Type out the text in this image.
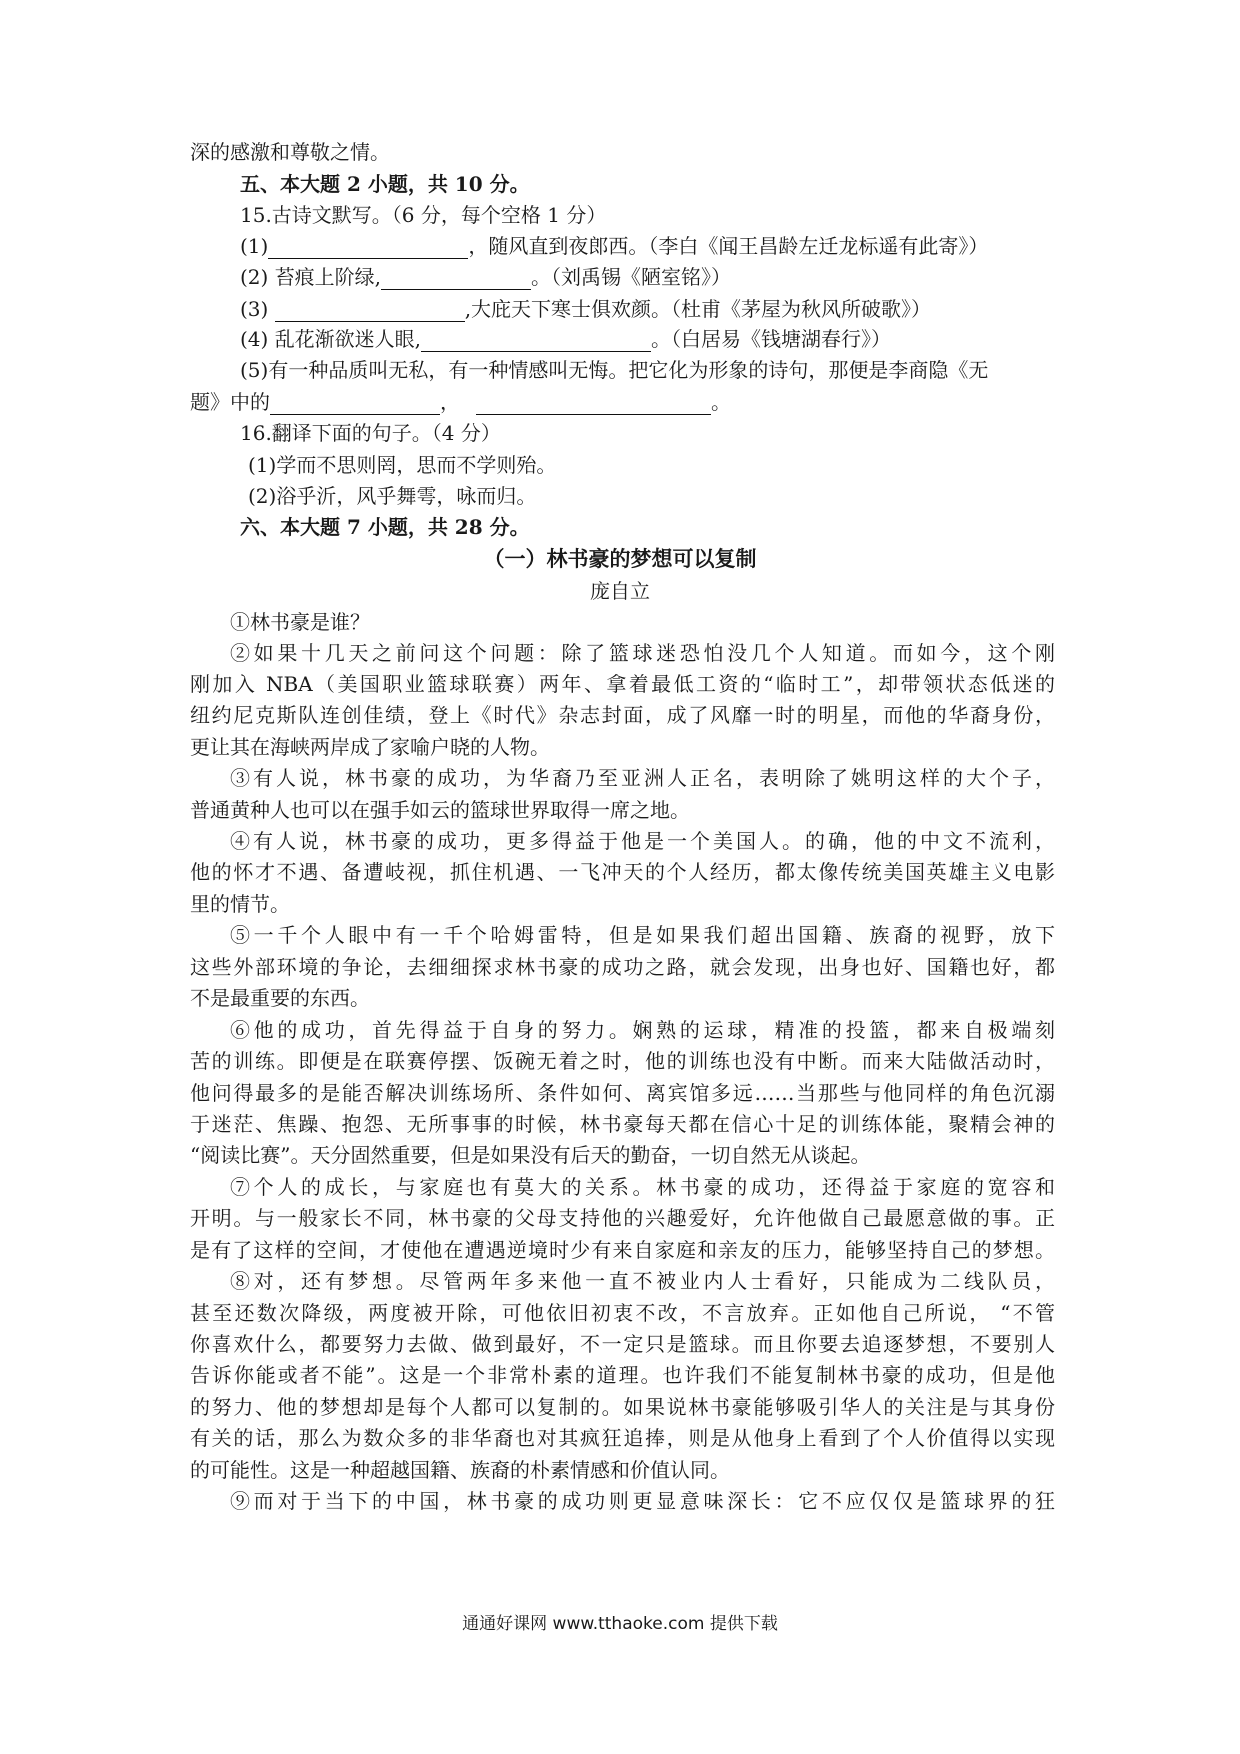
深的感激和尊敬之情。
五、本大题 2 小题，共 10 分。
15.古诗文默写。（6 分，每个空格 1 分）
(1)	，随风直到夜郎西。（李白《闻王昌龄左迁龙标遥有此寄》）
(2) 苔痕上阶绿,	。（刘禹锡《陋室铭》）
(3)	,大庇天下寒士俱欢颜。（杜甫《茅屋为秋风所破歌》）
(4) 乱花渐欲迷人眼,	。（白居易《钱塘湖春行》）
(5)有一种品质叫无私，有一种情感叫无悔。把它化为形象的诗句，那便是李商隐《无
题》中的	，	。
16.翻译下面的句子。（4 分）
(1)学而不思则罔，思而不学则殆。
(2)浴乎沂，风乎舞雩，咏而归。
六、本大题 7 小题，共 28 分。
（一）林书豪的梦想可以复制
庞自立
①林书豪是谁？
②如果十几天之前问这个问题：除了篮球迷恐怕没几个人知道。而如今，这个刚
刚加入 NBA（美国职业篮球联赛）两年、拿着最低工资的“临时工”，却带领状态低迷的
纽约尼克斯队连创佳绩，登上《时代》杂志封面，成了风靡一时的明星，而他的华裔身份，
更让其在海峡两岸成了家喻户晓的人物。
③有人说，林书豪的成功，为华裔乃至亚洲人正名，表明除了姚明这样的大个子，
普通黄种人也可以在强手如云的篮球世界取得一席之地。
④有人说，林书豪的成功，更多得益于他是一个美国人。的确，他的中文不流利，
他的怀才不遇、备遭岐视，抓住机遇、一飞冲天的个人经历，都太像传统美国英雄主义电影
里的情节。
⑤一千个人眼中有一千个哈姆雷特，但是如果我们超出国籍、族裔的视野，放下
这些外部环境的争论，去细细探求林书豪的成功之路，就会发现，出身也好、国籍也好，都
不是最重要的东西。
⑥他的成功，首先得益于自身的努力。娴熟的运球，精准的投篮，都来自极端刻
苦的训练。即便是在联赛停摆、饭碗无着之时，他的训练也没有中断。而来大陆做活动时，
他问得最多的是能否解决训练场所、条件如何、离宾馆多远……当那些与他同样的角色沉溺
于迷茫、焦躁、抱怨、无所事事的时候，林书豪每天都在信心十足的训练体能，聚精会神的
“阅读比赛”。天分固然重要，但是如果没有后天的勤奋，一切自然无从谈起。
⑦个人的成长，与家庭也有莫大的关系。林书豪的成功，还得益于家庭的宽容和
开明。与一般家长不同，林书豪的父母支持他的兴趣爱好，允许他做自己最愿意做的事。正
是有了这样的空间，才使他在遭遇逆境时少有来自家庭和亲友的压力，能够坚持自己的梦想。
⑧对，还有梦想。尽管两年多来他一直不被业内人士看好，只能成为二线队员，
甚至还数次降级，两度被开除，可他依旧初衷不改，不言放弃。正如他自己所说， “不管
你喜欢什么，都要努力去做、做到最好，不一定只是篮球。而且你要去追逐梦想，不要别人
告诉你能或者不能”。这是一个非常朴素的道理。也许我们不能复制林书豪的成功，但是他
的努力、他的梦想却是每个人都可以复制的。如果说林书豪能够吸引华人的关注是与其身份
有关的话，那么为数众多的非华裔也对其疯狂追捧，则是从他身上看到了个人价值得以实现
的可能性。这是一种超越国籍、族裔的朴素情感和价值认同。
⑨而对于当下的中国，林书豪的成功则更显意味深长：它不应仅仅是篮球界的狂
通通好课网 www.tthaoke.com 提供下载
